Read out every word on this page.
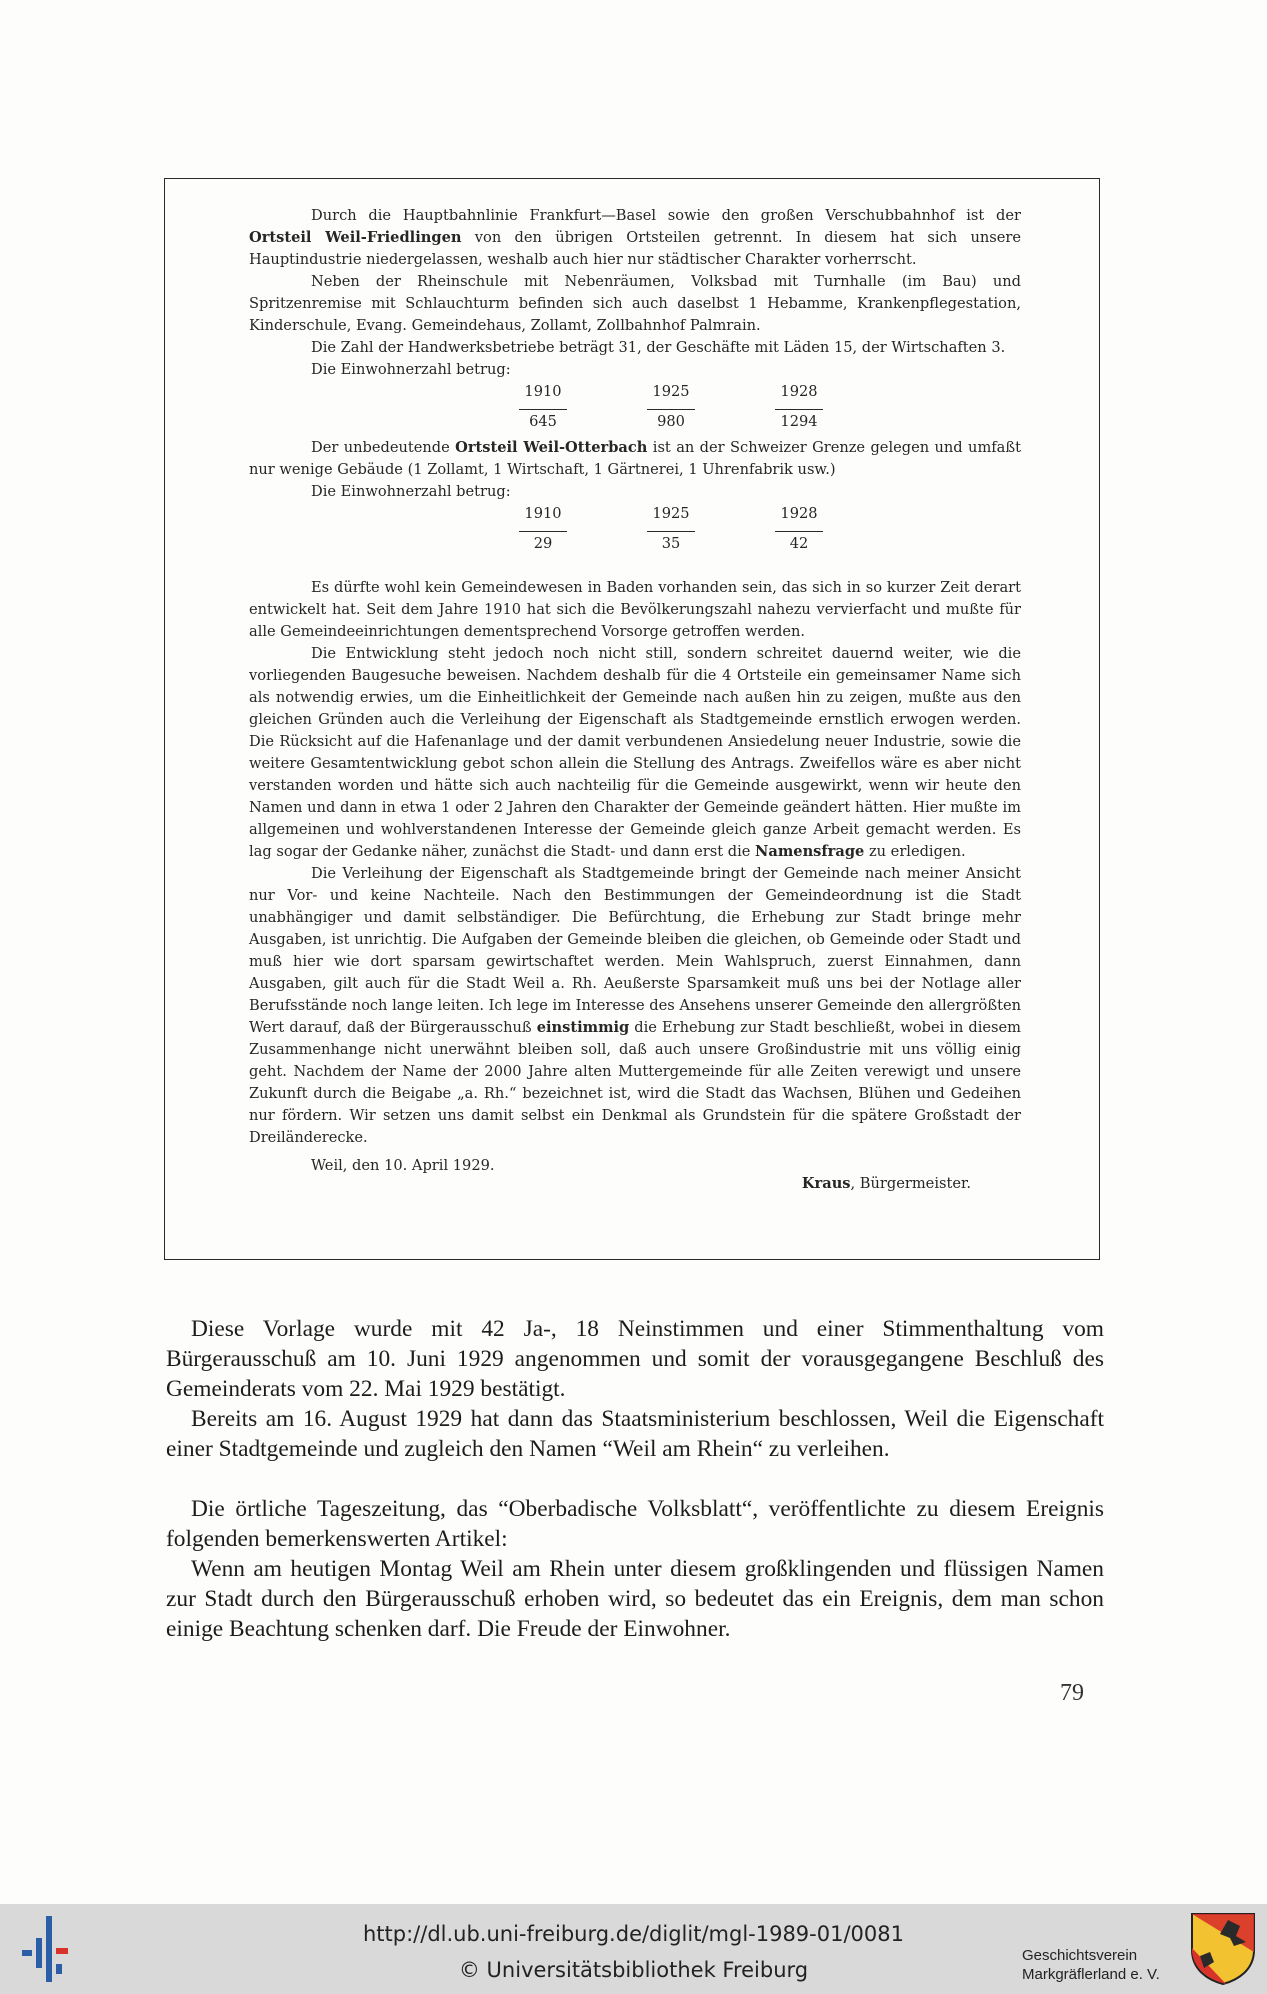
Durch die Hauptbahnlinie Frankfurt—Basel sowie den großen Verschubbahnhof ist der Ortsteil Weil-Friedlingen von den übrigen Ortsteilen getrennt. In diesem hat sich unsere Hauptindustrie niedergelassen, weshalb auch hier nur städtischer Charakter vorherrscht.

Neben der Rheinschule mit Nebenräumen, Volksbad mit Turnhalle (im Bau) und Spritzenremise mit Schlauchturm befinden sich auch daselbst 1 Hebamme, Krankenpflegestation, Kinderschule, Evang. Gemeindehaus, Zollamt, Zollbahnhof Palmrain.

Die Zahl der Handwerksbetriebe beträgt 31, der Geschäfte mit Läden 15, der Wirtschaften 3.

Die Einwohnerzahl betrug:

1910	1925	1928
645	980	1294

Der unbedeutende Ortsteil Weil-Otterbach ist an der Schweizer Grenze gelegen und umfaßt nur wenige Gebäude (1 Zollamt, 1 Wirtschaft, 1 Gärtnerei, 1 Uhrenfabrik usw.)

Die Einwohnerzahl betrug:

1910	1925	1928
29	35	42

Es dürfte wohl kein Gemeindewesen in Baden vorhanden sein, das sich in so kurzer Zeit derart entwickelt hat. Seit dem Jahre 1910 hat sich die Bevölkerungszahl nahezu vervierfacht und mußte für alle Gemeindeeinrichtungen dementsprechend Vorsorge getroffen werden.

Die Entwicklung steht jedoch noch nicht still, sondern schreitet dauernd weiter, wie die vorliegenden Baugesuche beweisen. Nachdem deshalb für die 4 Ortsteile ein gemeinsamer Name sich als notwendig erwies, um die Einheitlichkeit der Gemeinde nach außen hin zu zeigen, mußte aus den gleichen Gründen auch die Verleihung der Eigenschaft als Stadtgemeinde ernstlich erwogen werden. Die Rücksicht auf die Hafenanlage und der damit verbundenen Ansiedelung neuer Industrie, sowie die weitere Gesamtentwicklung gebot schon allein die Stellung des Antrags. Zweifellos wäre es aber nicht verstanden worden und hätte sich auch nachteilig für die Gemeinde ausgewirkt, wenn wir heute den Namen und dann in etwa 1 oder 2 Jahren den Charakter der Gemeinde geändert hätten. Hier mußte im allgemeinen und wohlverstandenen Interesse der Gemeinde gleich ganze Arbeit gemacht werden. Es lag sogar der Gedanke näher, zunächst die Stadt- und dann erst die Namensfrage zu erledigen.

Die Verleihung der Eigenschaft als Stadtgemeinde bringt der Gemeinde nach meiner Ansicht nur Vor- und keine Nachteile. Nach den Bestimmungen der Gemeindeordnung ist die Stadt unabhängiger und damit selbständiger. Die Befürchtung, die Erhebung zur Stadt bringe mehr Ausgaben, ist unrichtig. Die Aufgaben der Gemeinde bleiben die gleichen, ob Gemeinde oder Stadt und muß hier wie dort sparsam gewirtschaftet werden. Mein Wahlspruch, zuerst Einnahmen, dann Ausgaben, gilt auch für die Stadt Weil a. Rh. Aeußerste Sparsamkeit muß uns bei der Notlage aller Berufsstände noch lange leiten. Ich lege im Interesse des Ansehens unserer Gemeinde den allergrößten Wert darauf, daß der Bürgerausschuß einstimmig die Erhebung zur Stadt beschließt, wobei in diesem Zusammenhange nicht unerwähnt bleiben soll, daß auch unsere Großindustrie mit uns völlig einig geht. Nachdem der Name der 2000 Jahre alten Muttergemeinde für alle Zeiten verewigt und unsere Zukunft durch die Beigabe „a. Rh.“ bezeichnet ist, wird die Stadt das Wachsen, Blühen und Gedeihen nur fördern. Wir setzen uns damit selbst ein Denkmal als Grundstein für die spätere Großstadt der Dreiländerecke.

Weil, den 10. April 1929.
Kraus, Bürgermeister.

Diese Vorlage wurde mit 42 Ja-, 18 Neinstimmen und einer Stimmenthaltung vom Bürgerausschuß am 10. Juni 1929 angenommen und somit der vorausgegangene Beschluß des Gemeinderats vom 22. Mai 1929 bestätigt.

Bereits am 16. August 1929 hat dann das Staatsministerium beschlossen, Weil die Eigenschaft einer Stadtgemeinde und zugleich den Namen “Weil am Rhein“ zu verleihen.

Die örtliche Tageszeitung, das “Oberbadische Volksblatt“, veröffentlichte zu diesem Ereignis folgenden bemerkenswerten Artikel:

Wenn am heutigen Montag Weil am Rhein unter diesem großklingenden und flüssigen Namen zur Stadt durch den Bürgerausschuß erhoben wird, so bedeutet das ein Ereignis, dem man schon einige Beachtung schenken darf. Die Freude der Einwohner.

79
http://dl.ub.uni-freiburg.de/diglit/mgl-1989-01/0081
© Universitätsbibliothek Freiburg
Geschichtsverein
Markgräflerland e. V.
